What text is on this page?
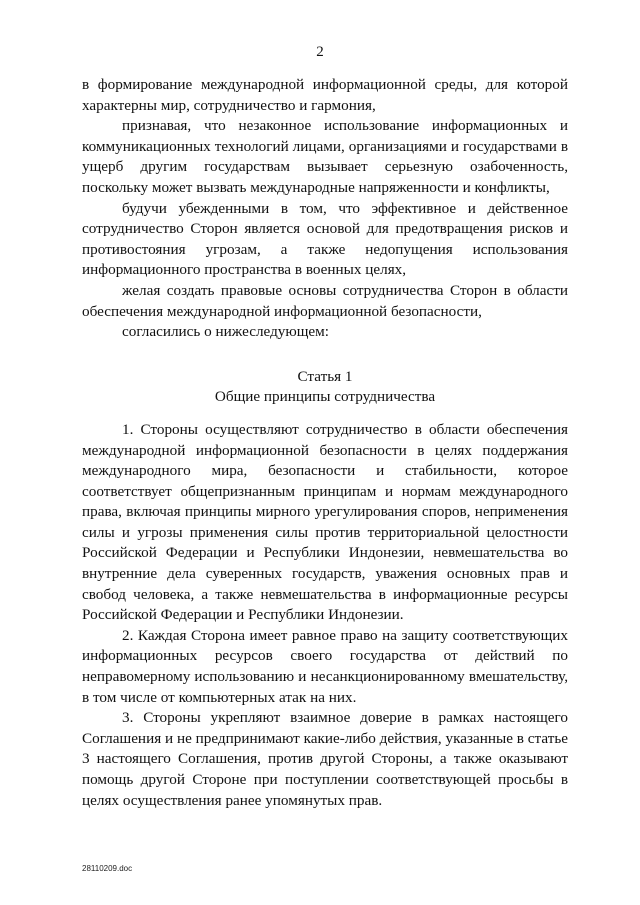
2

в формирование международной информационной среды, для которой характерны мир, сотрудничество и гармония,

признавая, что незаконное использование информационных и коммуникационных технологий лицами, организациями и государствами в ущерб другим государствам вызывает серьезную озабоченность, поскольку может вызвать международные напряженности и конфликты,

будучи убежденными в том, что эффективное и действенное сотрудничество Сторон является основой для предотвращения рисков и противостояния угрозам, а также недопущения использования информационного пространства в военных целях,

желая создать правовые основы сотрудничества Сторон в области обеспечения международной информационной безопасности,

согласились о нижеследующем:

Статья 1
Общие принципы сотрудничества

1. Стороны осуществляют сотрудничество в области обеспечения международной информационной безопасности в целях поддержания международного мира, безопасности и стабильности, которое соответствует общепризнанным принципам и нормам международного права, включая принципы мирного урегулирования споров, неприменения силы и угрозы применения силы против территориальной целостности Российской Федерации и Республики Индонезии, невмешательства во внутренние дела суверенных государств, уважения основных прав и свобод человека, а также невмешательства в информационные ресурсы Российской Федерации и Республики Индонезии.

2. Каждая Сторона имеет равное право на защиту соответствующих информационных ресурсов своего государства от действий по неправомерному использованию и несанкционированному вмешательству, в том числе от компьютерных атак на них.

3. Стороны укрепляют взаимное доверие в рамках настоящего Соглашения и не предпринимают какие-либо действия, указанные в статье 3 настоящего Соглашения, против другой Стороны, а также оказывают помощь другой Стороне при поступлении соответствующей просьбы в целях осуществления ранее упомянутых прав.

28110209.doc
